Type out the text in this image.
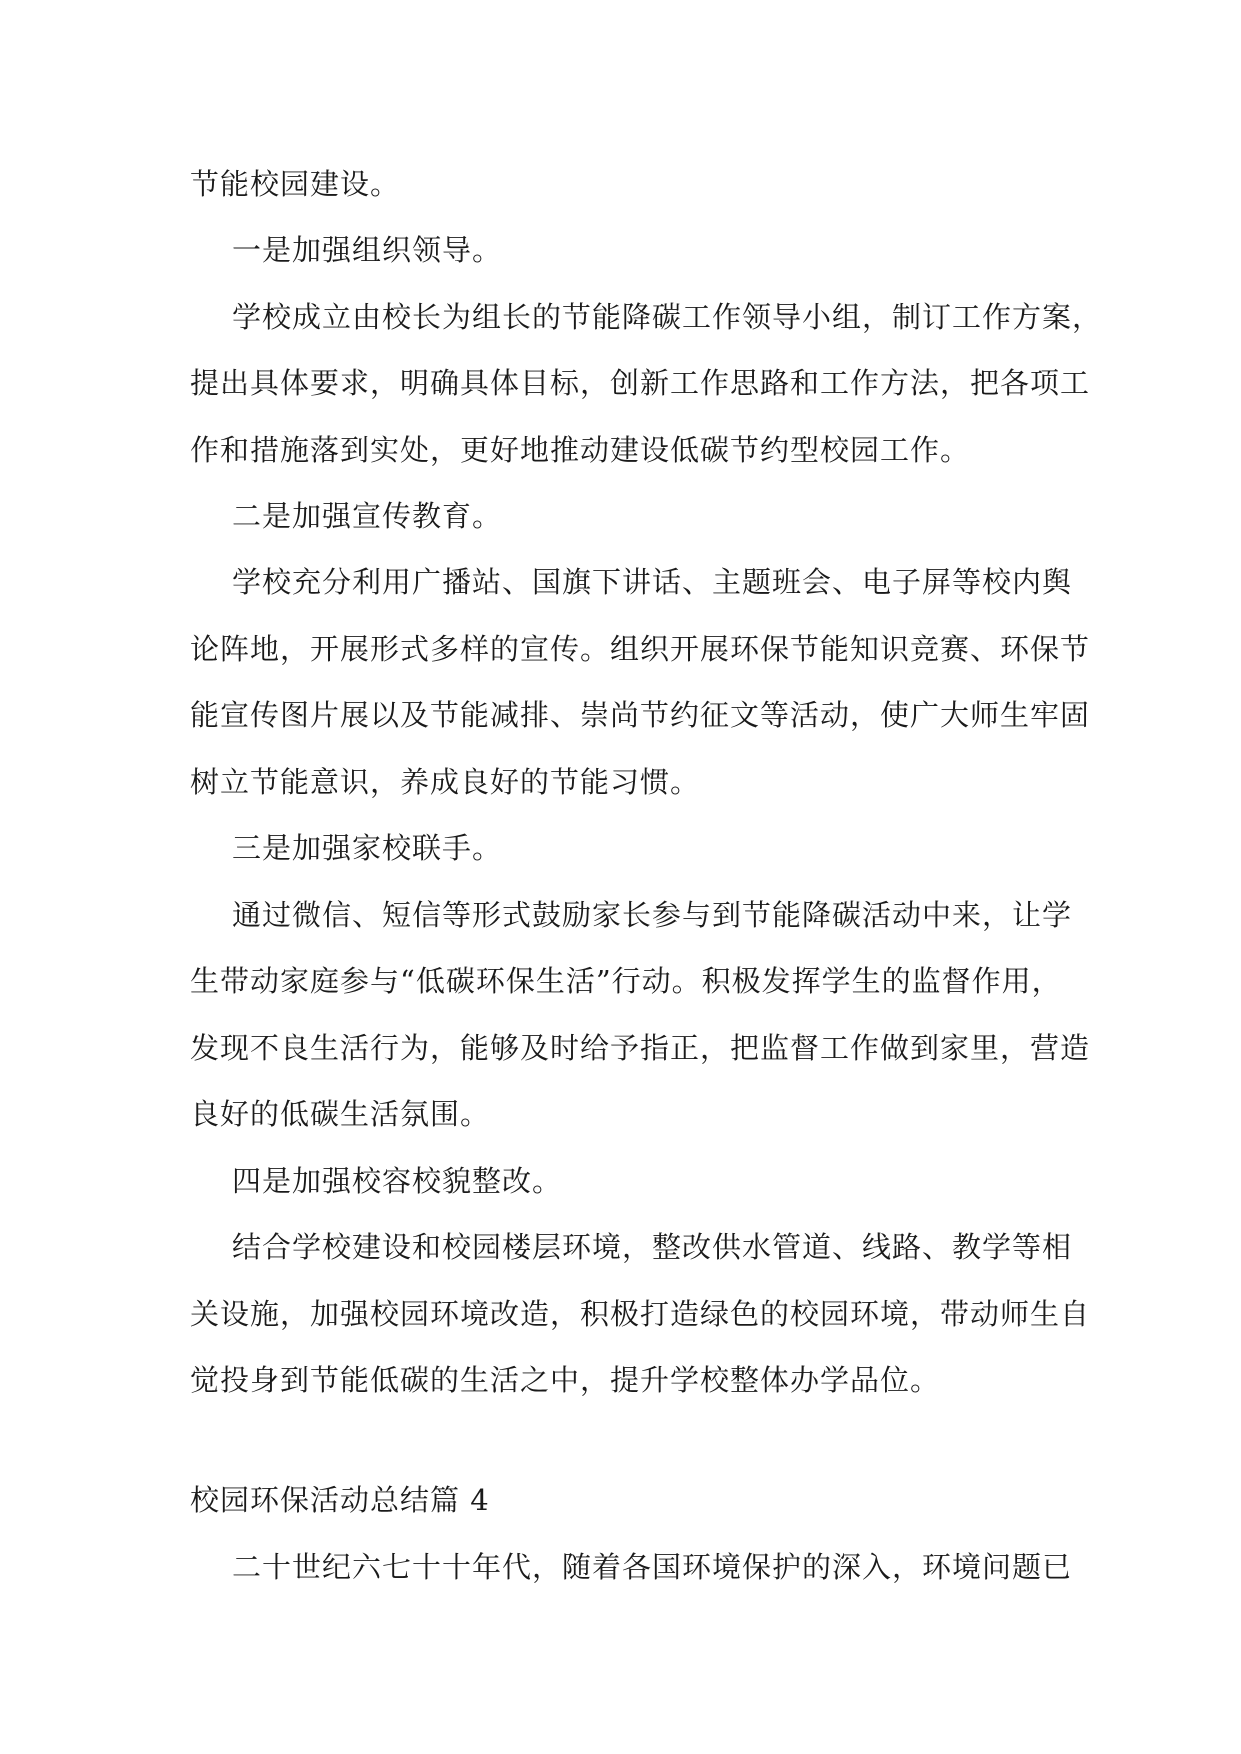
节能校园建设。
一是加强组织领导。
学校成立由校长为组长的节能降碳工作领导小组，制订工作方案，
提出具体要求，明确具体目标，创新工作思路和工作方法，把各项工
作和措施落到实处，更好地推动建设低碳节约型校园工作。
二是加强宣传教育。
学校充分利用广播站、国旗下讲话、主题班会、电子屏等校内舆
论阵地，开展形式多样的宣传。组织开展环保节能知识竞赛、环保节
能宣传图片展以及节能减排、崇尚节约征文等活动，使广大师生牢固
树立节能意识，养成良好的节能习惯。
三是加强家校联手。
通过微信、短信等形式鼓励家长参与到节能降碳活动中来，让学
生带动家庭参与“低碳环保生活”行动。积极发挥学生的监督作用，
发现不良生活行为，能够及时给予指正，把监督工作做到家里，营造
良好的低碳生活氛围。
四是加强校容校貌整改。
结合学校建设和校园楼层环境，整改供水管道、线路、教学等相
关设施，加强校园环境改造，积极打造绿色的校园环境，带动师生自
觉投身到节能低碳的生活之中，提升学校整体办学品位。
校园环保活动总结篇 4
二十世纪六七十十年代，随着各国环境保护的深入，环境问题已
